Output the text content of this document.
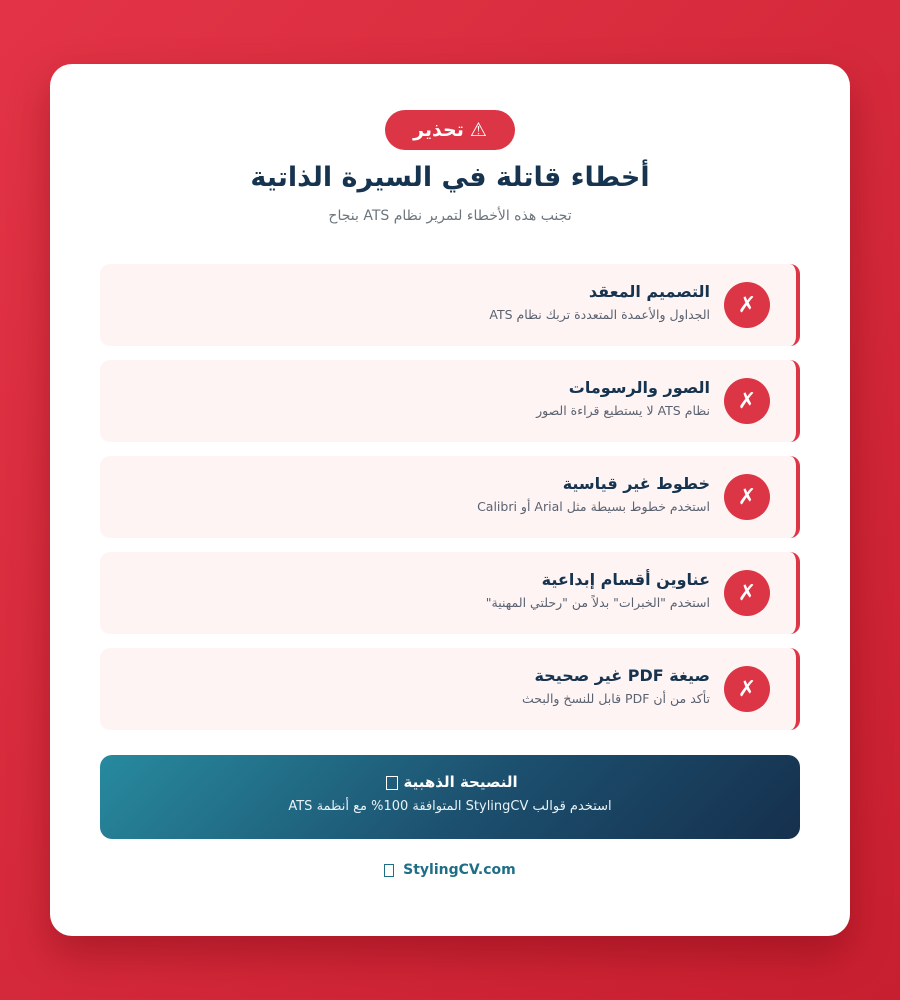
⚠
تحذير
أخطاء قاتلة في السيرة الذاتية
تجنب هذه الأخطاء لتمرير نظام ATS بنجاح
✗
التصميم المعقد
الجداول والأعمدة المتعددة تربك نظام ATS
✗
الصور والرسومات
نظام ATS لا يستطيع قراءة الصور
✗
خطوط غير قياسية
استخدم خطوط بسيطة مثل Arial أو Calibri
✗
عناوين أقسام إبداعية
استخدم "الخبرات" بدلاً من "رحلتي المهنية"
✗
صيغة PDF غير صحيحة
تأكد من أن PDF قابل للنسخ والبحث
النصيحة الذهبية
استخدم قوالب StylingCV المتوافقة 100% مع أنظمة ATS
StylingCV.com
